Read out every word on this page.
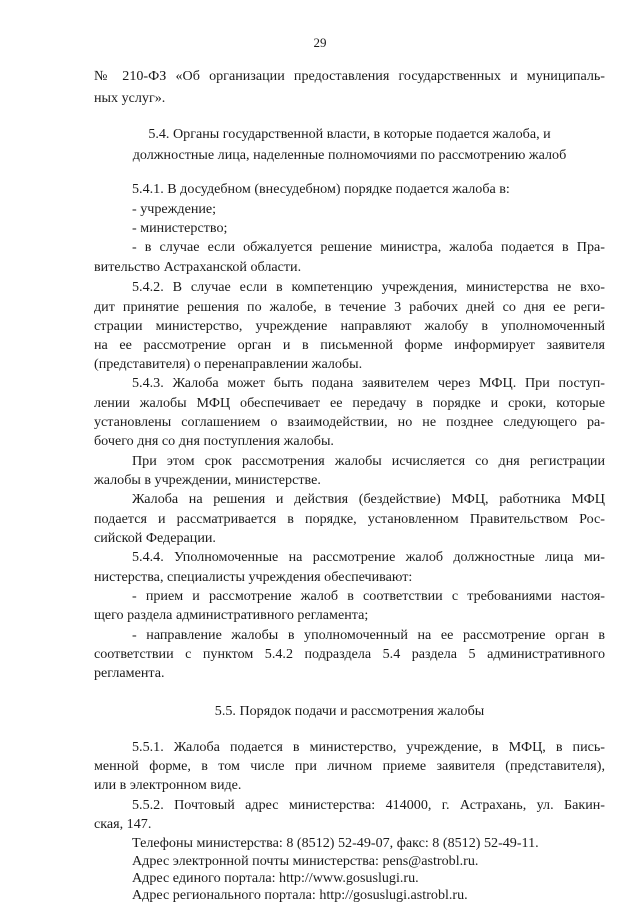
29
№ 210-ФЗ «Об организации предоставления государственных и муниципаль-
ных услуг».
5.4. Органы государственной власти, в которые подается жалоба, и
должностные лица, наделенные полномочиями по рассмотрению жалоб
5.4.1. В досудебном (внесудебном) порядке подается жалоба в:
- учреждение;
- министерство;
- в случае если обжалуется решение министра, жалоба подается в Пра-
вительство Астраханской области.
5.4.2. В случае если в компетенцию учреждения, министерства не вхо-
дит принятие решения по жалобе, в течение 3 рабочих дней со дня ее реги-
страции министерство, учреждение направляют жалобу в уполномоченный
на ее рассмотрение орган и в письменной форме информирует заявителя
(представителя) о перенаправлении жалобы.
5.4.3. Жалоба может быть подана заявителем через МФЦ. При поступ-
лении жалобы МФЦ обеспечивает ее передачу в порядке и сроки, которые
установлены соглашением о взаимодействии, но не позднее следующего ра-
бочего дня со дня поступления жалобы.
При этом срок рассмотрения жалобы исчисляется со дня регистрации
жалобы в учреждении, министерстве.
Жалоба на решения и действия (бездействие) МФЦ, работника МФЦ
подается и рассматривается в порядке, установленном Правительством Рос-
сийской Федерации.
5.4.4. Уполномоченные на рассмотрение жалоб должностные лица ми-
нистерства, специалисты учреждения обеспечивают:
- прием и рассмотрение жалоб в соответствии с требованиями настоя-
щего раздела административного регламента;
- направление жалобы в уполномоченный на ее рассмотрение орган в
соответствии с пунктом 5.4.2 подраздела 5.4 раздела 5 административного
регламента.
5.5. Порядок подачи и рассмотрения жалобы
5.5.1. Жалоба подается в министерство, учреждение, в МФЦ, в пись-
менной форме, в том числе при личном приеме заявителя (представителя),
или в электронном виде.
5.5.2. Почтовый адрес министерства: 414000, г. Астрахань, ул. Бакин-
ская, 147.
Телефоны министерства: 8 (8512) 52-49-07, факс: 8 (8512) 52-49-11.
Адрес электронной почты министерства: pens@astrobl.ru.
Адрес единого портала: http://www.gosuslugi.ru.
Адрес регионального портала: http://gosuslugi.astrobl.ru.
